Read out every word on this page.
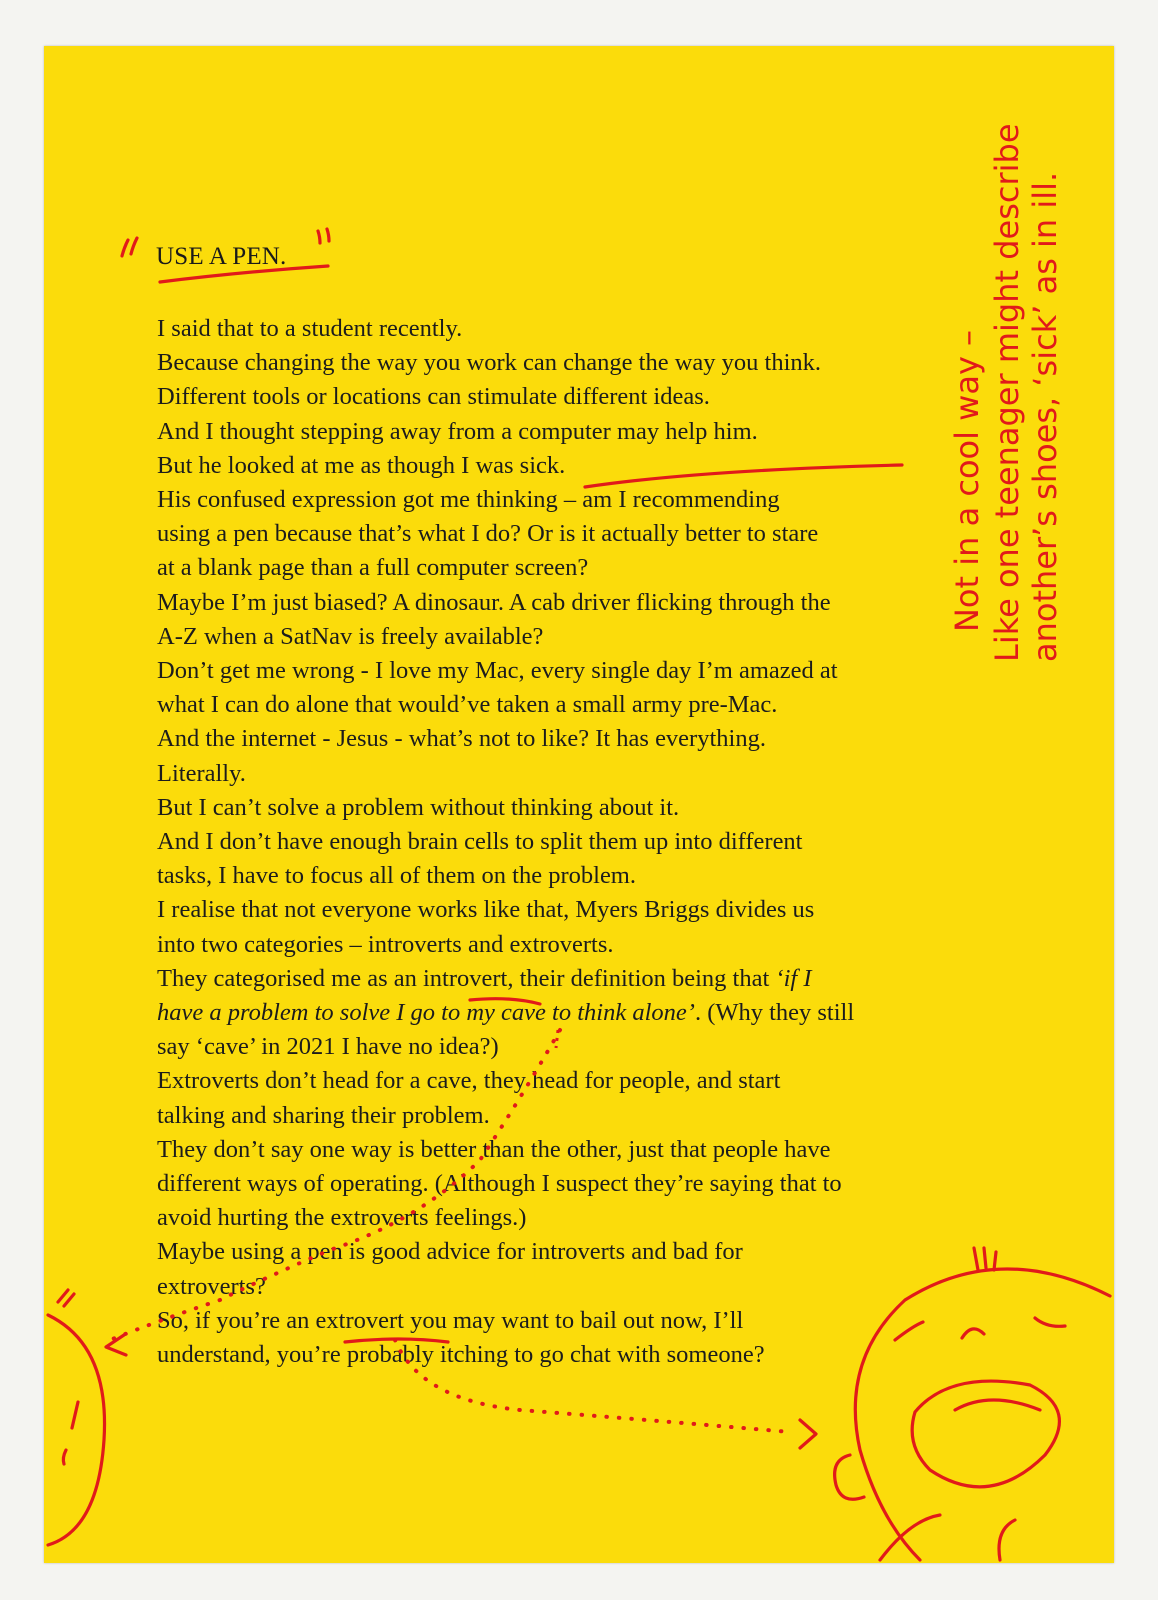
USE A PEN.
I said that to a student recently.
Because changing the way you work can change the way you think.
Different tools or locations can stimulate different ideas.
And I thought stepping away from a computer may help him.
But he looked at me as though I was sick.
His confused expression got me thinking – am I recommending
using a pen because that’s what I do? Or is it actually better to stare
at a blank page than a full computer screen?
Maybe I’m just biased? A dinosaur. A cab driver flicking through the
A-Z when a SatNav is freely available?
Don’t get me wrong - I love my Mac, every single day I’m amazed at
what I can do alone that would’ve taken a small army pre-Mac.
And the internet - Jesus - what’s not to like? It has everything.
Literally.
But I can’t solve a problem without thinking about it.
And I don’t have enough brain cells to split them up into different
tasks, I have to focus all of them on the problem.
I realise that not everyone works like that, Myers Briggs divides us
into two categories – introverts and extroverts.
They categorised me as an introvert, their definition being that ‘if I
have a problem to solve I go to my cave to think alone’. (Why they still
say ‘cave’ in 2021 I have no idea?)
Extroverts don’t head for a cave, they head for people, and start
talking and sharing their problem.
They don’t say one way is better than the other, just that people have
different ways of operating. (Although I suspect they’re saying that to
avoid hurting the extroverts feelings.)
Maybe using a pen is good advice for introverts and bad for
extroverts?
So, if you’re an extrovert you may want to bail out now, I’ll
understand, you’re probably itching to go chat with someone?
Not in a cool way – Like one teenager might describe another’s shoes, ‘sick’ as in ill.
